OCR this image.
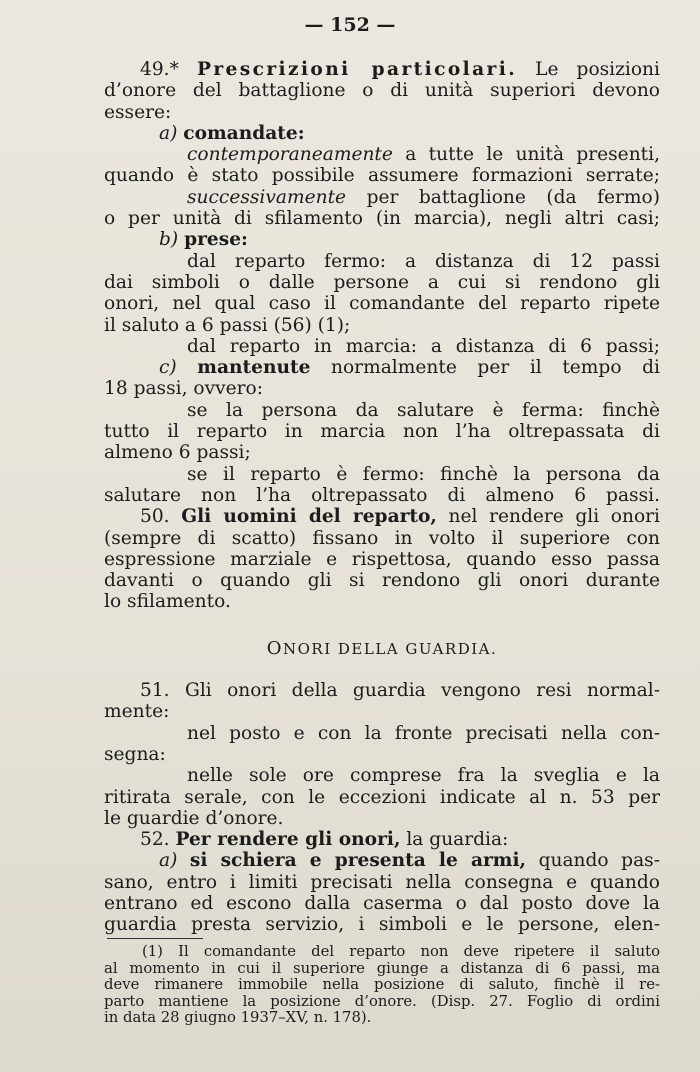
— 152 —
49.* Prescrizioni particolari. Le posizioni
d’onore del battaglione o di unità superiori devono
essere:
a) comandate:
contemporaneamente a tutte le unità presenti,
quando è stato possibile assumere formazioni serrate;
successivamente per battaglione (da fermo)
o per unità di sfilamento (in marcia), negli altri casi;
b) prese:
dal reparto fermo: a distanza di 12 passi
dai simboli o dalle persone a cui si rendono gli
onori, nel qual caso il comandante del reparto ripete
il saluto a 6 passi (56) (1);
dal reparto in marcia: a distanza di 6 passi;
c) mantenute normalmente per il tempo di
18 passi, ovvero:
se la persona da salutare è ferma: finchè
tutto il reparto in marcia non l’ha oltrepassata di
almeno 6 passi;
se il reparto è fermo: finchè la persona da
salutare non l’ha oltrepassato di almeno 6 passi.
50. Gli uomini del reparto, nel rendere gli onori
(sempre di scatto) fissano in volto il superiore con
espressione marziale e rispettosa, quando esso passa
davanti o quando gli si rendono gli onori durante
lo sfilamento.
ONORI DELLA GUARDIA.
51. Gli onori della guardia vengono resi normal-
mente:
nel posto e con la fronte precisati nella con-
segna:
nelle sole ore comprese fra la sveglia e la
ritirata serale, con le eccezioni indicate al n. 53 per
le guardie d’onore.
52. Per rendere gli onori, la guardia:
a) si schiera e presenta le armi, quando pas-
sano, entro i limiti precisati nella consegna e quando
entrano ed escono dalla caserma o dal posto dove la
guardia presta servizio, i simboli e le persone, elen-
(1) Il comandante del reparto non deve ripetere il saluto
al momento in cui il superiore giunge a distanza di 6 passi, ma
deve rimanere immobile nella posizione di saluto, finchè il re-
parto mantiene la posizione d’onore. (Disp. 27. Foglio di ordini
in data 28 giugno 1937–XV, n. 178).
